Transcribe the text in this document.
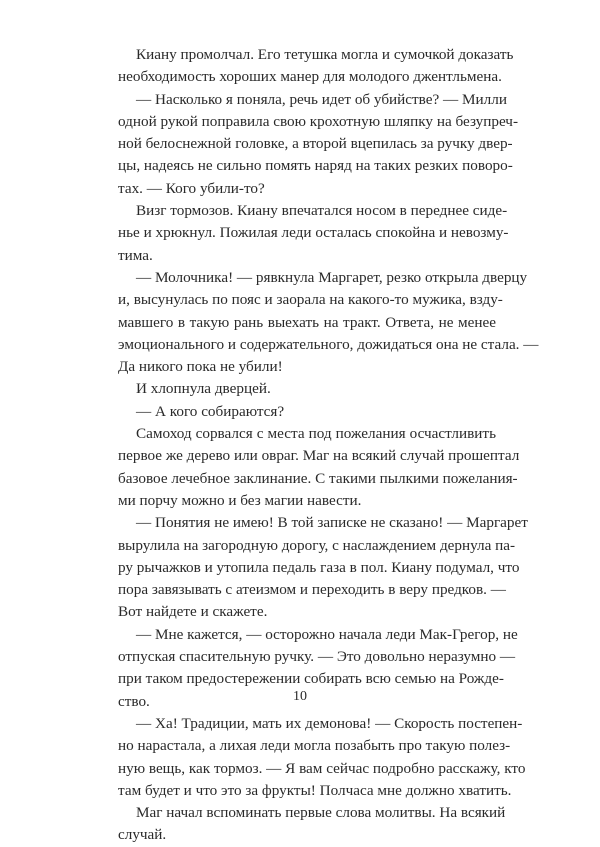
Киану промолчал. Его тетушка могла и сумочкой доказать
необходимость хороших манер для молодого джентльмена.
— Насколько я поняла, речь идет об убийстве? — Милли
одной рукой поправила свою крохотную шляпку на безупреч-
ной белоснежной головке, а второй вцепилась за ручку двер-
цы, надеясь не сильно помять наряд на таких резких поворо-
тах. — Кого убили-то?
Визг тормозов. Киану впечатался носом в переднее сиде-
нье и хрюкнул. Пожилая леди осталась спокойна и невозму-
тима.
— Молочника! — рявкнула Маргарет, резко открыла дверцу
и, высунулась по пояс и заорала на какого-то мужика, взду-
мавшего в такую рань выехать на тракт. Ответа, не менее
эмоционального и содержательного, дожидаться она не стала. —
Да никого пока не убили!
И хлопнула дверцей.
— А кого собираются?
Самоход сорвался с места под пожелания осчастливить
первое же дерево или овраг. Маг на всякий случай прошептал
базовое лечебное заклинание. С такими пылкими пожелания-
ми порчу можно и без магии навести.
— Понятия не имею! В той записке не сказано! — Маргарет
вырулила на загородную дорогу, с наслаждением дернула па-
ру рычажков и утопила педаль газа в пол. Киану подумал, что
пора завязывать с атеизмом и переходить в веру предков. —
Вот найдете и скажете.
— Мне кажется, — осторожно начала леди Мак-Грегор, не
отпуская спасительную ручку. — Это довольно неразумно —
при таком предостережении собирать всю семью на Рожде-
ство.
— Ха! Традиции, мать их демонова! — Скорость постепен-
но нарастала, а лихая леди могла позабыть про такую полез-
ную вещь, как тормоз. — Я вам сейчас подробно расскажу, кто
там будет и что это за фрукты! Полчаса мне должно хватить.
Маг начал вспоминать первые слова молитвы. На всякий
случай.
10
